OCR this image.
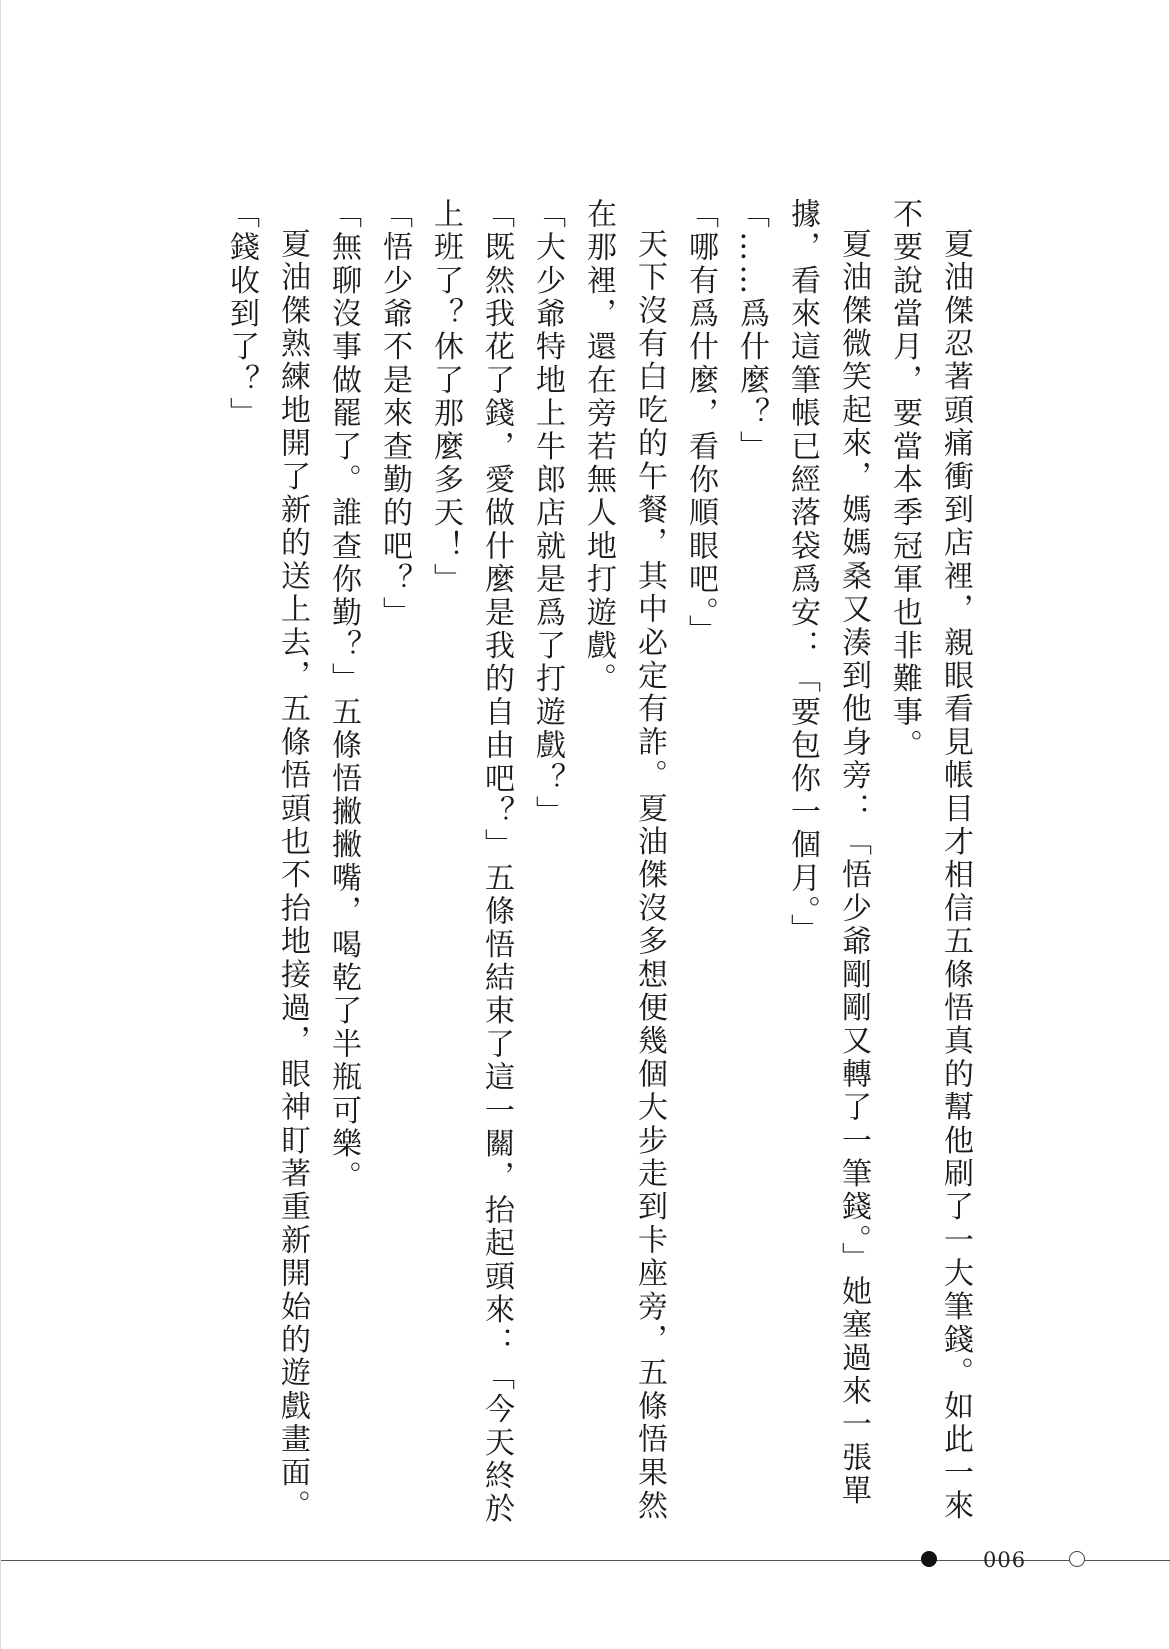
夏油傑忍著頭痛衝到店裡，親眼看見帳目才相信五條悟真的幫他刷了一大筆錢。如此一來不要說當月，要當本季冠軍也非難事。

夏油傑微笑起來，媽媽桑又湊到他身旁：「悟少爺剛剛又轉了一筆錢。」她塞過來一張單據，看來這筆帳已經落袋爲安：「要包你一個月。」

「……爲什麼？」

「哪有爲什麼，看你順眼吧。」

天下沒有白吃的午餐，其中必定有詐。夏油傑沒多想便幾個大步走到卡座旁，五條悟果然在那裡，還在旁若無人地打遊戲。

「大少爺特地上牛郎店就是爲了打遊戲？」

「既然我花了錢，愛做什麼是我的自由吧？」五條悟結束了這一關，抬起頭來：「今天終於上班了？休了那麼多天！」

「悟少爺不是來查勤的吧？」

「無聊沒事做罷了。誰查你勤？」五條悟撇撇嘴，喝乾了半瓶可樂。

夏油傑熟練地開了新的送上去，五條悟頭也不抬地接過，眼神盯著重新開始的遊戲畫面。

「錢收到了？」

006
